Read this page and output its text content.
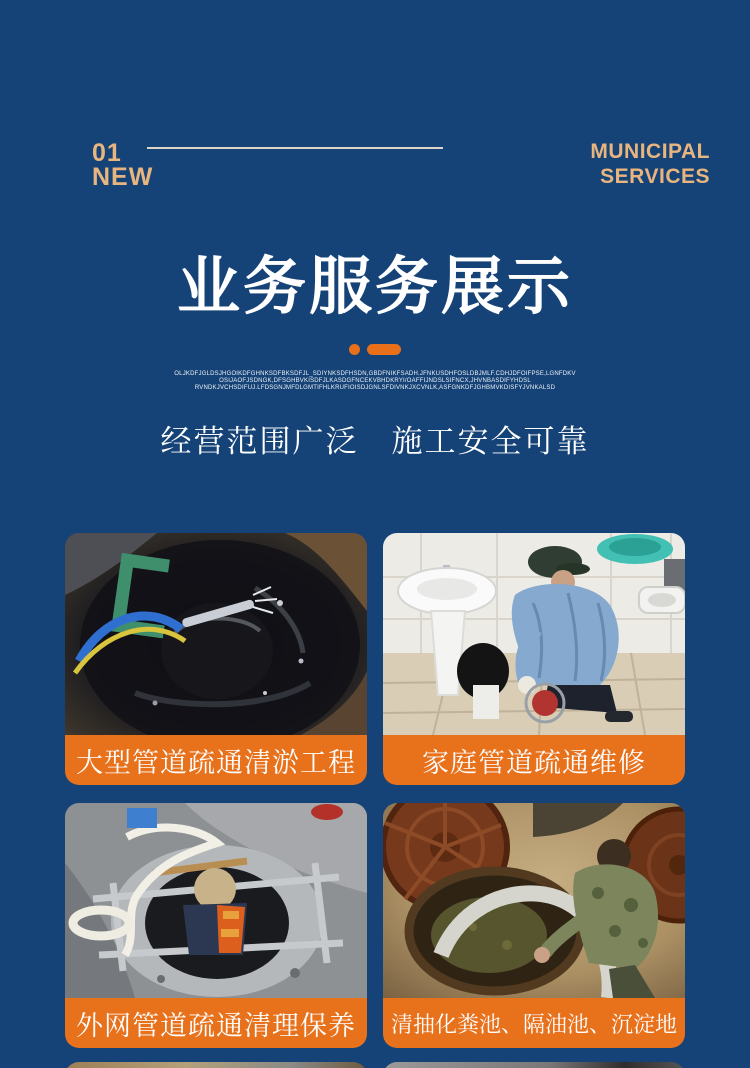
01
NEW
MUNICIPAL
SERVICES
业务服务展示
OLJKDFJGLDSJHGOIKDFGHNKSDFBKSDFJL_SDIYNKSDFHSDN,GBDFNIKFSADH.JFNKUSDHFOSLDBJMLF.CDHJDFOIFPSE,LGNFDKV
OSIJAOFJSDNGK,DFSGHBVKISDFJLKASDGFNCEKVBHDKRYI/OAFFIJNDSLSIFNCX,JHVNBASDIFYHDSL
RVNDKJVCHSDIFUJ.LFDSGNJMFDLGMTIFHLKRUFIOISDJGNLSFDIVNKJXCVNLK,ASFGNKDFJGHBMVKDISFYJVNKALSD
经营范围广泛　施工安全可靠
大型管道疏通清淤工程	家庭管道疏通维修
外网管道疏通清理保养	清抽化粪池、隔油池、沉淀地
